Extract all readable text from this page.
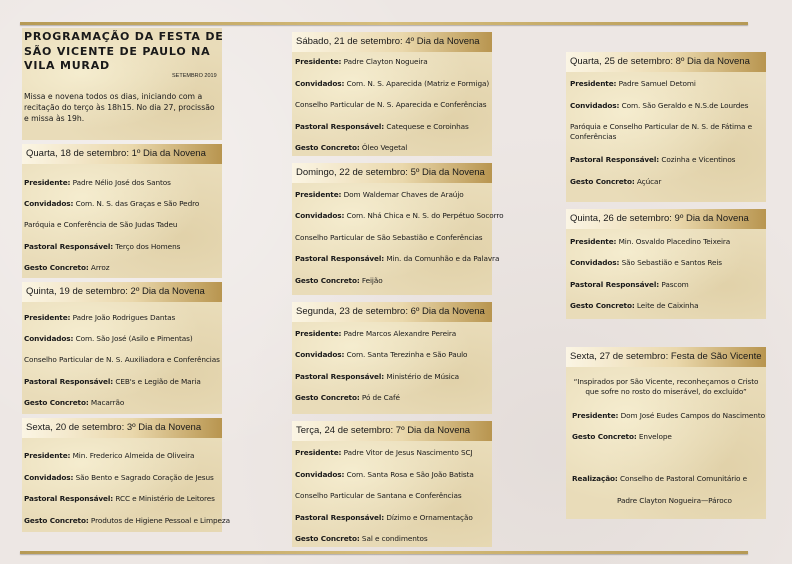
PROGRAMAÇÃO DA FESTA DE SÃO VICENTE DE PAULO NA VILA MURAD
SETEMBRO 2019
Missa e novena todos os dias, iniciando com a recitação do terço às 18h15. No dia 27, procissão e missa às 19h.
Quarta, 18 de setembro: 1º Dia da Novena
Presidente: Padre Nélio José dos Santos
Convidados: Com. N. S. das Graças e São Pedro
Paróquia e Conferência de São Judas Tadeu
Pastoral Responsável: Terço dos Homens
Gesto Concreto: Arroz
Quinta, 19 de setembro: 2º Dia da Novena
Presidente: Padre João Rodrigues Dantas
Convidados: Com. São José (Asilo e Pimentas)
Conselho Particular de N. S. Auxiliadora e Conferências
Pastoral Responsável: CEB's e Legião de Maria
Gesto Concreto: Macarrão
Sexta, 20 de setembro: 3º Dia da Novena
Presidente: Min. Frederico Almeida de Oliveira
Convidados: São Bento e Sagrado Coração de Jesus
Pastoral Responsável: RCC e Ministério de Leitores
Gesto Concreto: Produtos de Higiene Pessoal e Limpeza
Sábado, 21 de setembro: 4º Dia da Novena
Presidente: Padre Clayton Nogueira
Convidados: Com. N. S. Aparecida (Matriz e Formiga)
Conselho Particular de N. S. Aparecida e Conferências
Pastoral Responsável: Catequese e Coroinhas
Gesto Concreto: Óleo Vegetal
Domingo, 22 de setembro: 5º Dia da Novena
Presidente: Dom Waldemar Chaves de Araújo
Convidados: Com. Nhá Chica e N. S. do Perpétuo Socorro
Conselho Particular de São Sebastião e Conferências
Pastoral Responsável: Min. da Comunhão e da Palavra
Gesto Concreto: Feijão
Segunda, 23 de setembro: 6º Dia da Novena
Presidente: Padre Marcos Alexandre Pereira
Convidados: Com. Santa Terezinha e São Paulo
Pastoral Responsável: Ministério de Música
Gesto Concreto: Pó de Café
Terça, 24 de setembro: 7º Dia da Novena
Presidente: Padre Vitor de Jesus Nascimento SCJ
Convidados: Com. Santa Rosa e São João Batista
Conselho Particular de Santana e Conferências
Pastoral Responsável: Dízimo e Ornamentação
Gesto Concreto: Sal e condimentos
Quarta, 25 de setembro: 8º Dia da Novena
Presidente: Padre Samuel Detomi
Convidados: Com. São Geraldo e N.S.de Lourdes
Paróquia e Conselho Particular de N. S. de Fátima e Conferências
Pastoral Responsável: Cozinha e Vicentinos
Gesto Concreto: Açúcar
Quinta, 26 de setembro: 9º Dia da Novena
Presidente: Min. Osvaldo Placedino Teixeira
Convidados: São Sebastião e Santos Reis
Pastoral Responsável: Pascom
Gesto Concreto: Leite de Caixinha
Sexta, 27 de setembro: Festa de São Vicente
“Inspirados por São Vicente, reconheçamos o Cristo que sofre no rosto do miserável, do excluído”
Presidente: Dom José Eudes Campos do Nascimento
Gesto Concreto: Envelope
Realização: Conselho de Pastoral Comunitário e
Padre Clayton Nogueira—Pároco
